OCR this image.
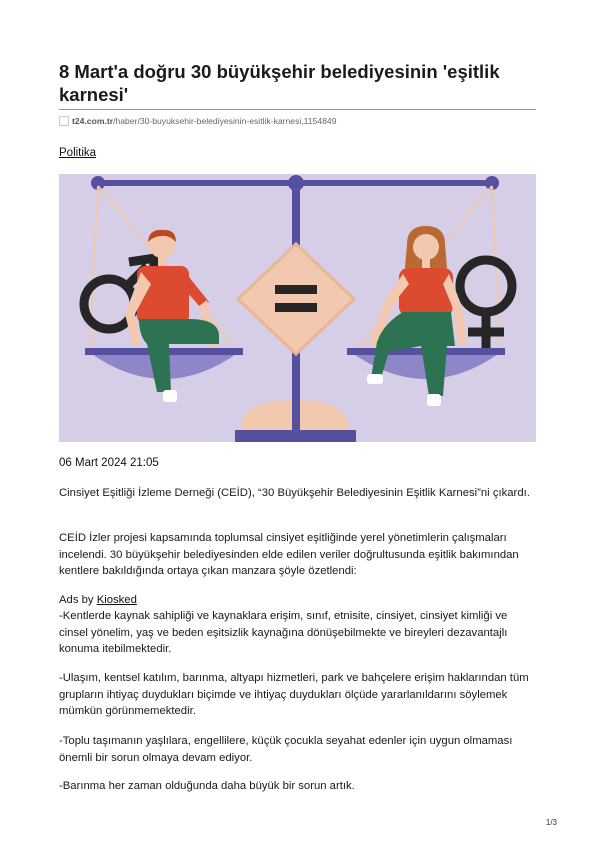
8 Mart'a doğru 30 büyükşehir belediyesinin 'eşitlik karnesi'
t24.com.tr /haber/30-buyuksehir-belediyesinin-esitlik-karnesi,1154849
Politika
06 Mart 2024 21:05

Cinsiyet Eşitliği İzleme Derneği (CEİD), “30 Büyükşehir Belediyesinin Eşitlik Karnesi”ni çıkardı.

CEİD İzler projesi kapsamında toplumsal cinsiyet eşitliğinde yerel yönetimlerin çalışmaları incelendi. 30 büyükşehir belediyesinden elde edilen veriler doğrultusunda eşitlik bakımından kentlere bakıldığında ortaya çıkan manzara şöyle özetlendi:

Ads by Kiosked

-Kentlerde kaynak sahipliği ve kaynaklara erişim, sınıf, etnisite, cinsiyet, cinsiyet kimliği ve cinsel yönelim, yaş ve beden eşitsizlik kaynağına dönüşebilmekte ve bireyleri dezavantajlı konuma itebilmektedir.

-Ulaşım, kentsel katılım, barınma, altyapı hizmetleri, park ve bahçelere erişim haklarından tüm grupların ihtiyaç duydukları biçimde ve ihtiyaç duydukları ölçüde yararlanıldarını söylemek mümkün görünmemektedir.

-Toplu taşımanın yaşlılara, engellilere, küçük çocukla seyahat edenler için uygun olmaması önemli bir sorun olmaya devam ediyor.

-Barınma her zaman olduğunda daha büyük bir sorun artık.

1/3
